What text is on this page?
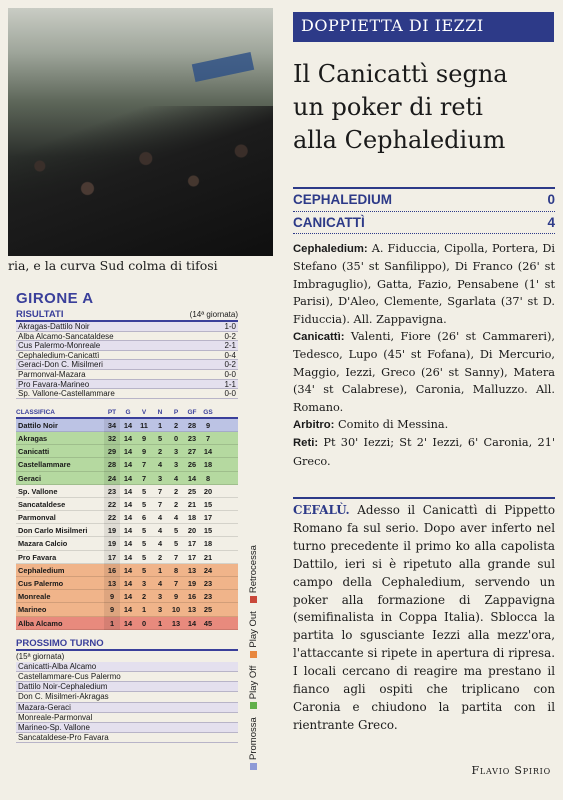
ria, e la curva Sud colma di tifosi
GIRONE A
RISULTATI	(14ª giornata)
Akragas-Dattilo Noir	1-0
Alba Alcamo-Sancataldese	0-2
Cus Palermo-Monreale	2-1
Cephaledium-Canicattì	0-4
Geraci-Don C. Misilmeri	0-2
Parmonval-Mazara	0-0
Pro Favara-Marineo	1-1
Sp. Vallone-Castellammare	0-0
CLASSIFICA	PT	G	V	N	P	GF	GS
Dattilo Noir	34	14	11	1	2	28	9
Akragas	32	14	9	5	0	23	7
Canicatti	29	14	9	2	3	27	14
Castellammare	28	14	7	4	3	26	18
Geraci	24	14	7	3	4	14	8
Sp. Vallone	23	14	5	7	2	25	20
Sancataldese	22	14	5	7	2	21	15
Parmonval	22	14	6	4	4	18	17
Don Carlo Misilmeri	19	14	5	4	5	20	15
Mazara Calcio	19	14	5	4	5	17	18
Pro Favara	17	14	5	2	7	17	21
Cephaledium	16	14	5	1	8	13	24
Cus Palermo	13	14	3	4	7	19	23
Monreale	9	14	2	3	9	16	23
Marineo	9	14	1	3	10	13	25
Alba Alcamo	1	14	0	1	13	14	45
PROSSIMO TURNO
(15ª giornata)
Canicatti-Alba Alcamo
Castellammare-Cus Palermo
Dattilo Noir-Cephaledium
Don C. Misilmeri-Akragas
Mazara-Geraci
Monreale-Parmonval
Marineo-Sp. Vallone
Sancataldese-Pro Favara	Promossa
Play Off
Play Out
Retrocessa
DOPPIETTA DI IEZZI
Il Canicattì segna
un poker di reti
alla Cephaledium
CEPHALEDIUM	0
CANICATTÌ	4

Cephaledium: A. Fiduccia, Cipolla, Portera, Di Stefano (35' st Sanfilippo), Di Franco (26' st Imbraguglio), Gatta, Fazio, Pensabene (1' st Parisi), D'Aleo, Clemente, Sgarlata (37' st D. Fiduccia). All. Zappavigna.

Canicattì: Valenti, Fiore (26' st Cammareri), Tedesco, Lupo (45' st Fofana), Di Mercurio, Maggio, Iezzi, Greco (26' st Sanny), Matera (34' st Calabrese), Caronia, Malluzzo. All. Romano.

Arbitro: Comito di Messina.

Reti: Pt 30' Iezzi; St 2' Iezzi, 6' Caronia, 21' Greco.

CEFALÙ. Adesso il Canicattì di Pippetto Romano fa sul serio. Dopo aver inferto nel turno precedente il primo ko alla capolista Dattilo, ieri si è ripetuto alla grande sul campo della Cephaledium, servendo un poker alla formazione di Zappavigna (semifinalista in Coppa Italia). Sblocca la partita lo sgusciante Iezzi alla mezz'ora, l'attaccante si ripete in apertura di ripresa. I locali cercano di reagire ma prestano il fianco agli ospiti che triplicano con Caronia e chiudono la partita con il rientrante Greco.
Flavio Spirio
